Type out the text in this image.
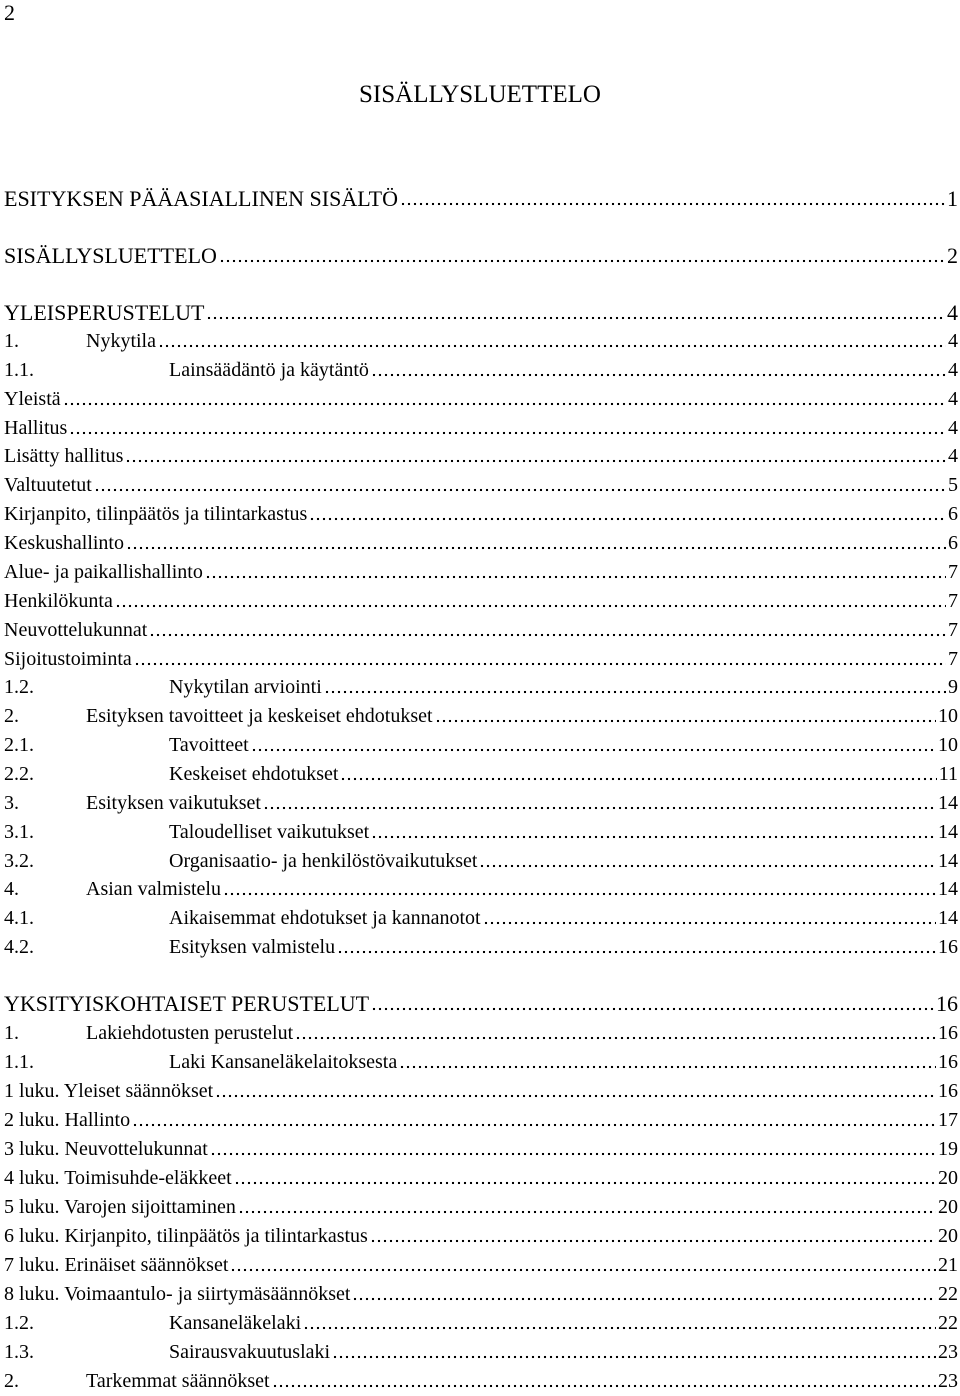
2
SISÄLLYSLUETTELO
ESITYKSEN PÄÄASIALLINEN SISÄLTÖ	1
SISÄLLYSLUETTELO	2
YLEISPERUSTELUT	4
1.	Nykytila	4
1.1.	Lainsäädäntö ja käytäntö	4
Yleistä	4
Hallitus	4
Lisätty hallitus	4
Valtuutetut	5
Kirjanpito, tilinpäätös ja tilintarkastus	6
Keskushallinto	6
Alue- ja paikallishallinto	7
Henkilökunta	7
Neuvottelukunnat	7
Sijoitustoiminta	7
1.2.	Nykytilan arviointi	9
2.	Esityksen tavoitteet ja keskeiset ehdotukset	10
2.1.	Tavoitteet	10
2.2.	Keskeiset ehdotukset	11
3.	Esityksen vaikutukset	14
3.1.	Taloudelliset vaikutukset	14
3.2.	Organisaatio- ja henkilöstövaikutukset	14
4.	Asian valmistelu	14
4.1.	Aikaisemmat ehdotukset ja kannanotot	14
4.2.	Esityksen valmistelu	16
YKSITYISKOHTAISET PERUSTELUT	16
1.	Lakiehdotusten perustelut	16
1.1.	Laki Kansaneläkelaitoksesta	16
1 luku. Yleiset säännökset	16
2 luku. Hallinto	17
3 luku. Neuvottelukunnat	19
4 luku. Toimisuhde-eläkkeet	20
5 luku. Varojen sijoittaminen	20
6 luku. Kirjanpito, tilinpäätös ja tilintarkastus	20
7 luku. Erinäiset säännökset	21
8 luku. Voimaantulo- ja siirtymäsäännökset	22
1.2.	Kansaneläkelaki	22
1.3.	Sairausvakuutuslaki	23
2.	Tarkemmat säännökset	23
